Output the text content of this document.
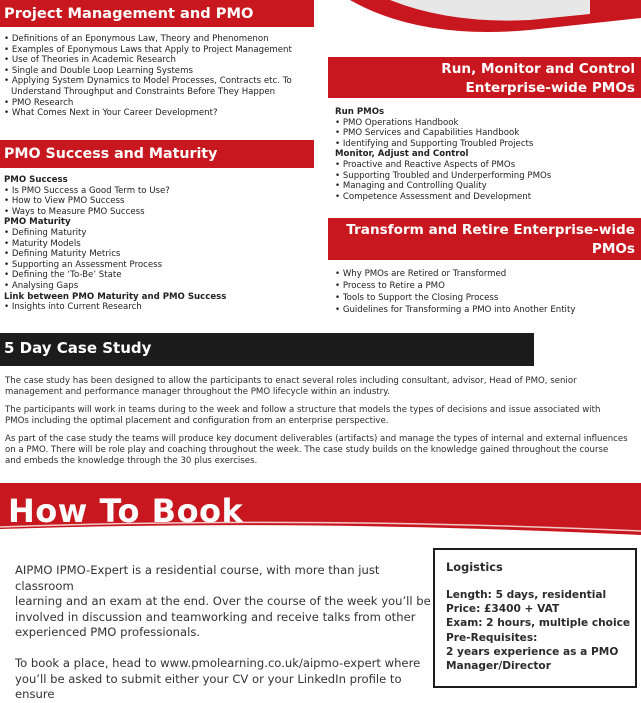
Project Management and PMO
• Definitions of an Eponymous Law, Theory and Phenomenon
• Examples of Eponymous Laws that Apply to Project Management
• Use of Theories in Academic Research
• Single and Double Loop Learning Systems
• Applying System Dynamics to Model Processes, Contracts etc. To
Understand Throughput and Constraints Before They Happen
• PMO Research
• What Comes Next in Your Career Development?
PMO Success and Maturity
PMO Success
• Is PMO Success a Good Term to Use?
• How to View PMO Success
• Ways to Measure PMO Success
PMO Maturity
• Defining Maturity
• Maturity Models
• Defining Maturity Metrics
• Supporting an Assessment Process
• Defining the ‘To-Be’ State
• Analysing Gaps
Link between PMO Maturity and PMO Success
• Insights into Current Research
Run, Monitor and Control
Enterprise-wide PMOs
Run PMOs
• PMO Operations Handbook
• PMO Services and Capabilities Handbook
• Identifying and Supporting Troubled Projects
Monitor, Adjust and Control
• Proactive and Reactive Aspects of PMOs
• Supporting Troubled and Underperforming PMOs
• Managing and Controlling Quality
• Competence Assessment and Development
Transform and Retire Enterprise-wide
PMOs
• Why PMOs are Retired or Transformed
• Process to Retire a PMO
• Tools to Support the Closing Process
• Guidelines for Transforming a PMO into Another Entity
5 Day Case Study

The case study has been designed to allow the participants to enact several roles including consultant, advisor, Head of PMO, senior
management and performance manager throughout the PMO lifecycle within an industry.

The participants will work in teams during to the week and follow a structure that models the types of decisions and issue associated with
PMOs including the optimal placement and configuration from an enterprise perspective.

As part of the case study the teams will produce key document deliverables (artifacts) and manage the types of internal and external influences
on a PMO. There will be role play and coaching throughout the week. The case study builds on the knowledge gained throughout the course
and embeds the knowledge through the 30 plus exercises.

How To Book

AIPMO IPMO-Expert is a residential course, with more than just classroom
learning and an exam at the end. Over the course of the week you’ll be
involved in discussion and teamworking and receive talks from other
experienced PMO professionals.

To book a place, head to www.pmolearning.co.uk/aipmo-expert where
you’ll be asked to submit either your CV or your LinkedIn profile to ensure

Logistics
Length: 5 days, residential
Price: £3400 + VAT
Exam: 2 hours, multiple choice
Pre-Requisites:
2 years experience as a PMO
Manager/Director
